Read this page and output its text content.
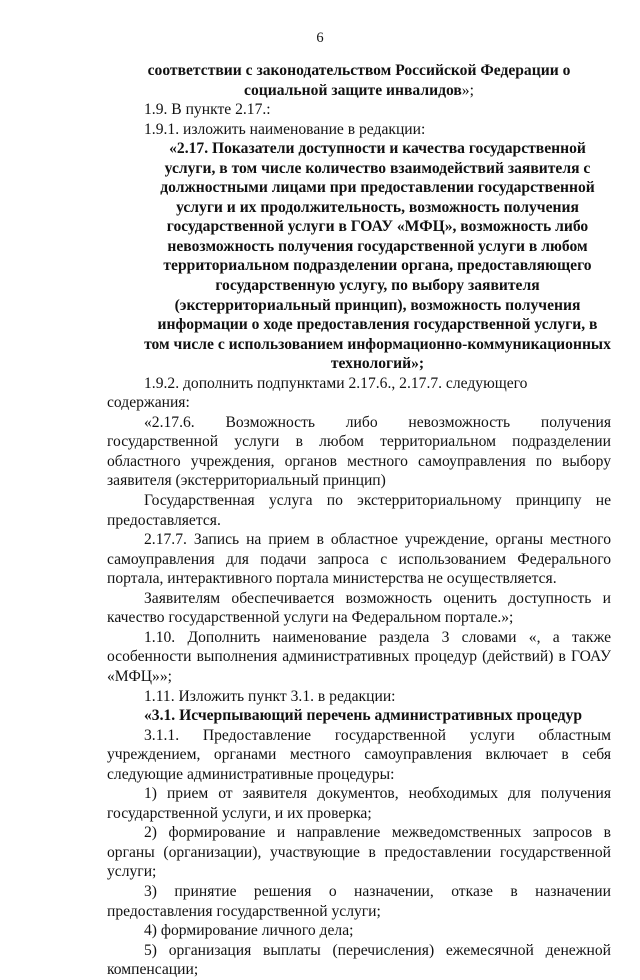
6

соответствии с законодательством Российской Федерации о социальной защите инвалидов»;

1.9. В пункте 2.17.:

1.9.1. изложить наименование в редакции:

«2.17. Показатели доступности и качества государственной услуги, в том числе количество взаимодействий заявителя с должностными лицами при предоставлении государственной услуги и их продолжительность, возможность получения государственной услуги в ГОАУ «МФЦ», возможность либо невозможность получения государственной услуги в любом территориальном подразделении органа, предоставляющего государственную услугу, по выбору заявителя (экстерриториальный принцип), возможность получения информации о ходе предоставления государственной услуги, в том числе с использованием информационно-коммуникационных технологий»;

1.9.2. дополнить подпунктами 2.17.6., 2.17.7. следующего содержания:

«2.17.6. Возможность либо невозможность получения государственной услуги в любом территориальном подразделении областного учреждения, органов местного самоуправления по выбору заявителя (экстерриториальный принцип)

Государственная услуга по экстерриториальному принципу не предоставляется.

2.17.7. Запись на прием в областное учреждение, органы местного самоуправления для подачи запроса с использованием Федерального портала, интерактивного портала министерства не осуществляется.

Заявителям обеспечивается возможность оценить доступность и качество государственной услуги на Федеральном портале.»;

1.10. Дополнить наименование раздела 3 словами «, а также особенности выполнения административных процедур (действий) в ГОАУ «МФЦ»»;

1.11. Изложить пункт 3.1. в редакции:

«3.1. Исчерпывающий перечень административных процедур

3.1.1. Предоставление государственной услуги областным учреждением, органами местного самоуправления включает в себя следующие административные процедуры:

1) прием от заявителя документов, необходимых для получения государственной услуги, и их проверка;

2) формирование и направление межведомственных запросов в органы (организации), участвующие в предоставлении государственной услуги;

3) принятие решения о назначении, отказе в назначении предоставления государственной услуги;

4) формирование личного дела;

5) организация выплаты (перечисления) ежемесячной денежной компенсации;
